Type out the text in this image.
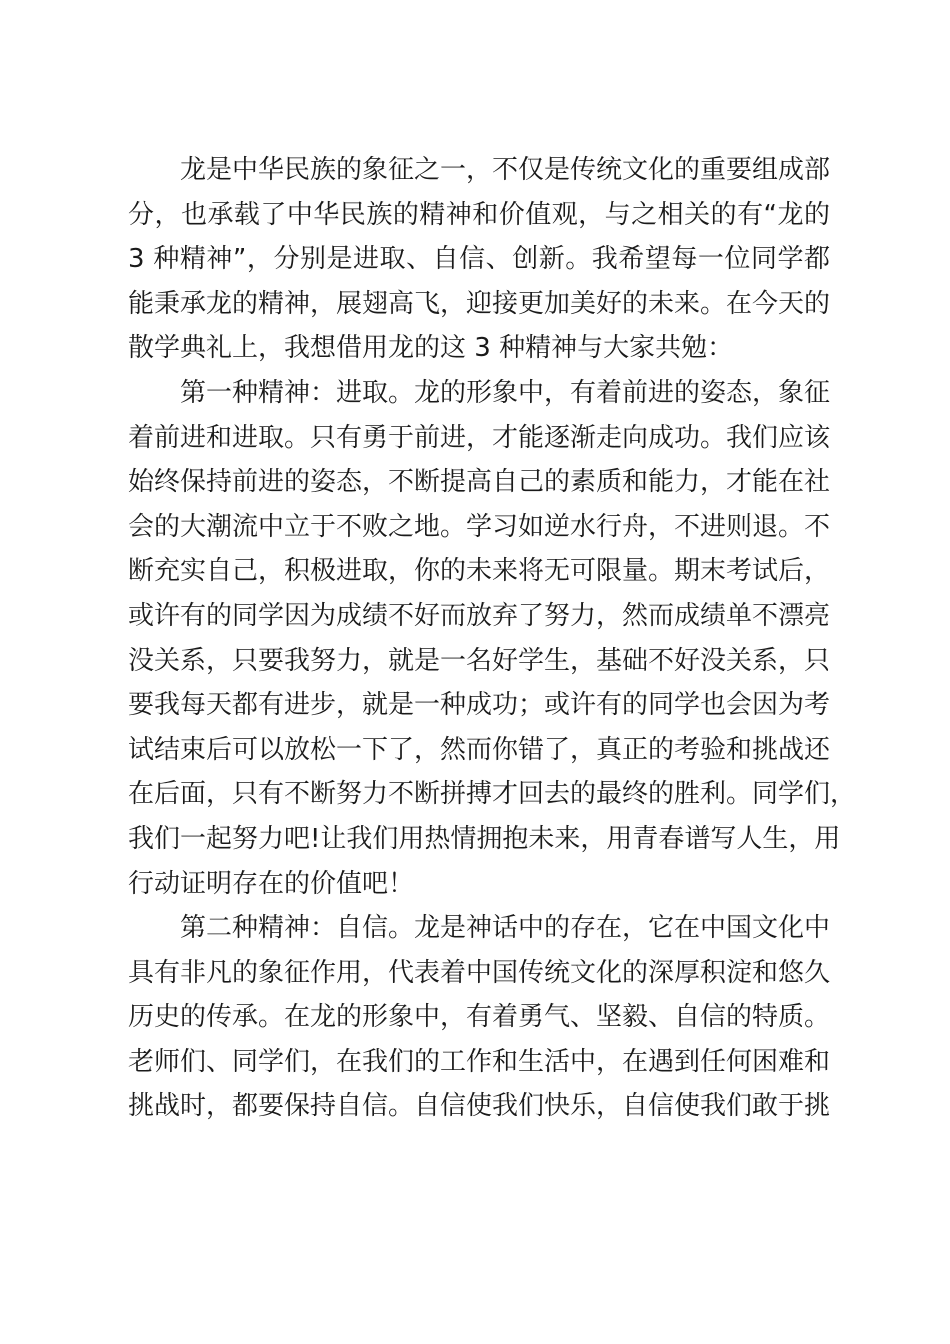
　　龙是中华民族的象征之一，不仅是传统文化的重要组成部
分，也承载了中华民族的精神和价值观，与之相关的有“龙的
3 种精神”，分别是进取、自信、创新。我希望每一位同学都
能秉承龙的精神，展翅高飞，迎接更加美好的未来。在今天的
散学典礼上，我想借用龙的这 3 种精神与大家共勉：
　　第一种精神：进取。龙的形象中，有着前进的姿态，象征
着前进和进取。只有勇于前进，才能逐渐走向成功。我们应该
始终保持前进的姿态，不断提高自己的素质和能力，才能在社
会的大潮流中立于不败之地。学习如逆水行舟，不进则退。不
断充实自己，积极进取，你的未来将无可限量。期末考试后，
或许有的同学因为成绩不好而放弃了努力，然而成绩单不漂亮
没关系，只要我努力，就是一名好学生，基础不好没关系，只
要我每天都有进步，就是一种成功；或许有的同学也会因为考
试结束后可以放松一下了，然而你错了，真正的考验和挑战还
在后面，只有不断努力不断拼搏才回去的最终的胜利。同学们，
我们一起努力吧!让我们用热情拥抱未来，用青春谱写人生，用
行动证明存在的价值吧！
　　第二种精神：自信。龙是神话中的存在，它在中国文化中
具有非凡的象征作用，代表着中国传统文化的深厚积淀和悠久
历史的传承。在龙的形象中，有着勇气、坚毅、自信的特质。
老师们、同学们，在我们的工作和生活中，在遇到任何困难和
挑战时，都要保持自信。自信使我们快乐，自信使我们敢于挑
